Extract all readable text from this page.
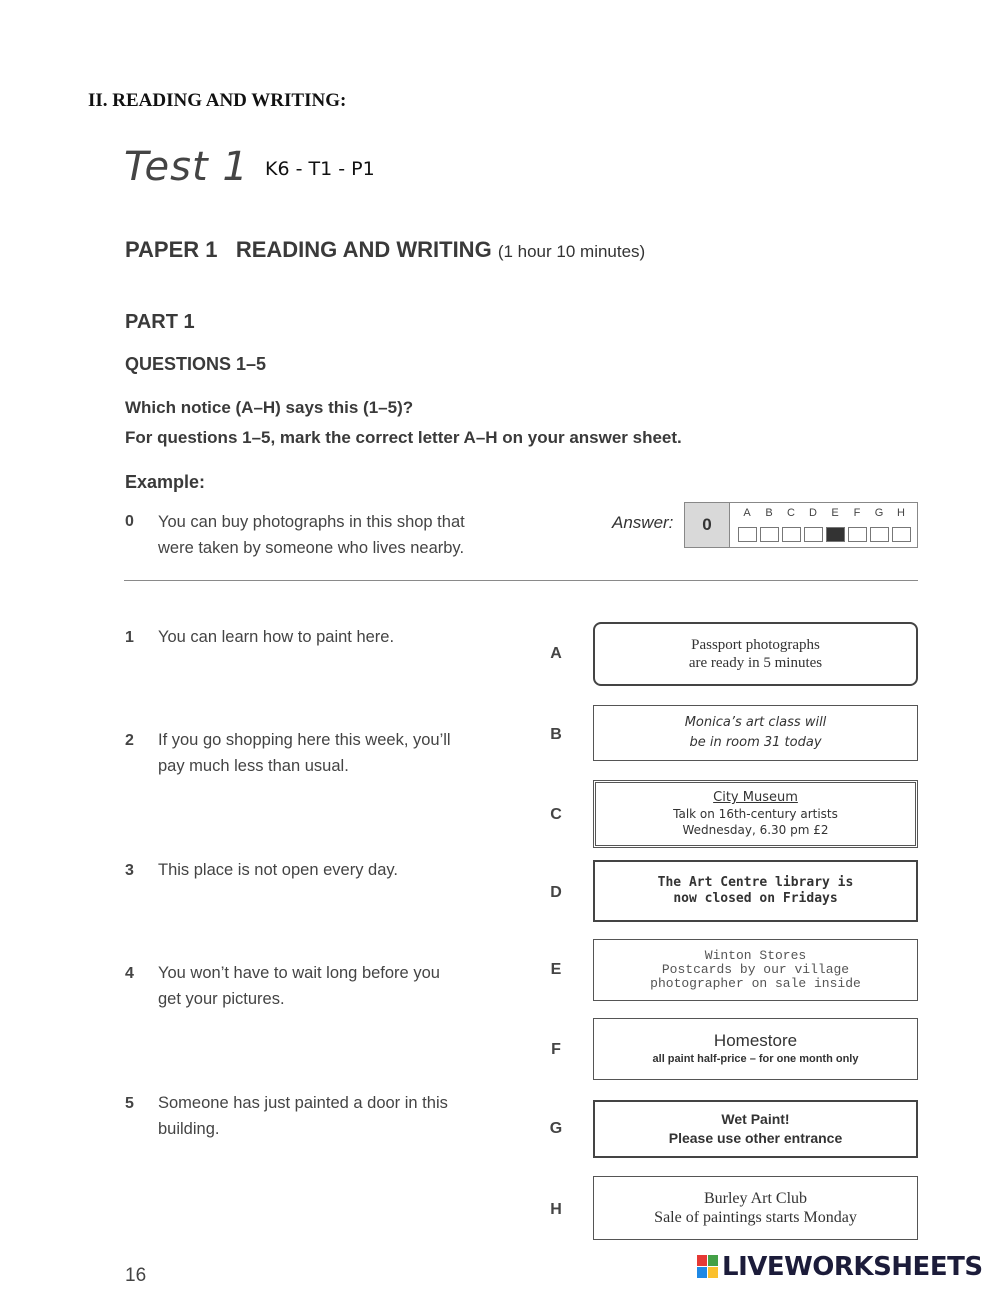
II. READING AND WRITING:
Test 1 K6 - T1 - P1
PAPER 1   READING AND WRITING (1 hour 10 minutes)
PART 1
QUESTIONS 1–5
Which notice (A–H) says this (1–5)?
For questions 1–5, mark the correct letter A–H on your answer sheet.
Example:
0 You can buy photographs in this shop that
were taken by someone who lives nearby.
Answer:	0
A	B	C	D	E	F	G	H
1 You can learn how to paint here.
2 If you go shopping here this week, you’ll
pay much less than usual.
3 This place is not open every day.
4 You won’t have to wait long before you
get your pictures.
5 Someone has just painted a door in this
building.
A	Passport photographs
are ready in 5 minutes
B
Monica’s art class will
be in room 31 today
C
City Museum
Talk on 16th-century artists
Wednesday, 6.30 pm £2
D
The Art Centre library is
now closed on Fridays
E
Winton Stores
Postcards by our village
photographer on sale inside
F	Homestore
all paint half-price – for one month only
G
Wet Paint!
Please use other entrance
H
Burley Art Club
Sale of paintings starts Monday
16	LIVEWORKSHEETS
